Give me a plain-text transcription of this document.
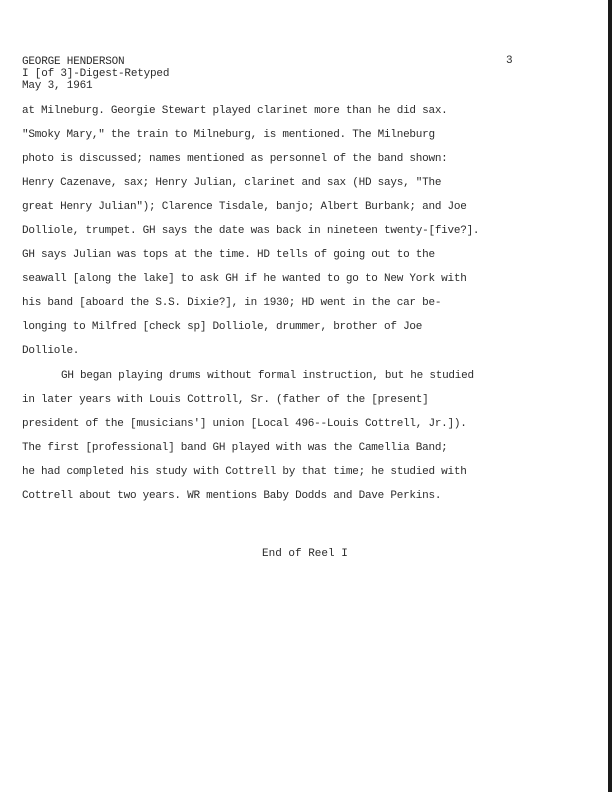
GEORGE HENDERSON
I [of 3]-Digest-Retyped
May 3, 1961
3
at Milneburg. Georgie Stewart played clarinet more than he did sax.
"Smoky Mary," the train to Milneburg, is mentioned. The Milneburg
photo is discussed; names mentioned as personnel of the band shown:
Henry Cazenave, sax; Henry Julian, clarinet and sax (HD says, "The
great Henry Julian"); Clarence Tisdale, banjo; Albert Burbank; and Joe
Dolliole, trumpet. GH says the date was back in nineteen twenty-[five?].
GH says Julian was tops at the time. HD tells of going out to the
seawall [along the lake] to ask GH if he wanted to go to New York with
his band [aboard the S.S. Dixie?], in 1930; HD went in the car be-
longing to Milfred [check sp] Dolliole, drummer, brother of Joe
Dolliole.
GH began playing drums without formal instruction, but he studied
in later years with Louis Cottroll, Sr. (father of the [present]
president of the [musicians'] union [Local 496--Louis Cottrell, Jr.]).
The first [professional] band GH played with was the Camellia Band;
he had completed his study with Cottrell by that time; he studied with
Cottrell about two years. WR mentions Baby Dodds and Dave Perkins.
End of Reel I
